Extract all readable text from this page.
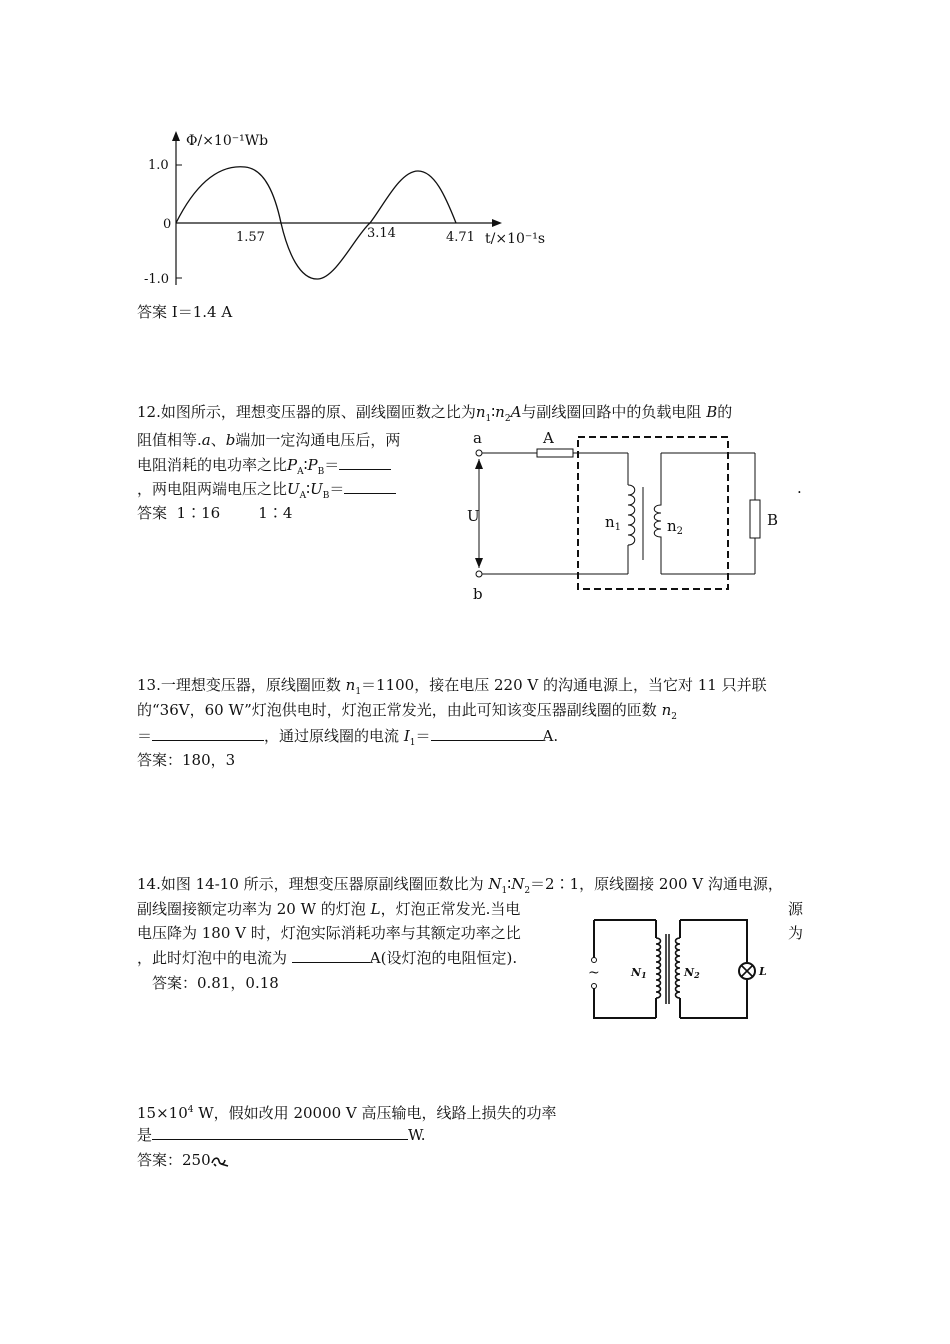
Φ/×10⁻¹Wb
1.0
0
-1.0
1.57	3.14	4.71 t/×10⁻¹s
答案 I＝1.4 A
12.如图所示，理想变压器的原、副线圈匝数之比为$n_1∶n_2A$与副线圈回路中的负载电阻 B的
阻值相等.a、b端加一定沟通电压后，两
电阻消耗的电功率之比$P_A∶P_B=$
，两电阻两端电压之比$U_A∶U_B=$
答案  1∶16        1∶4
a
b
A
U	$n_1$	$n_2$
B
.
13.一理想变压器，原线圈匝数 $n_1=1100$，接在电压 220 V 的沟通电源上，当它对 11 只并联
的“36V，60 W”灯泡供电时，灯泡正常发光，由此可知该变压器副线圈的匝数 $n_2$
＝	，通过原线圈的电流 $I_1=$	A.
答案：180，3
14.如图 14-10 所示，理想变压器原副线圈匝数比为 $N_1∶N_2=2∶1$，原线圈接 200 V 沟通电源，
副线圈接额定功率为 20 W 的灯泡 L，灯泡正常发光.当电	源
电压降为 180 V 时，灯泡实际消耗功率与其额定功率之比	为
，此时灯泡中的电流为	A(设灯泡的电阻恒定).
答案：0.81，0.18
~	L
N1	N2
$15\times 10^4$ W，假如改用 20000 V 高压输电，线路上损失的功率
是	W.
答案：250
